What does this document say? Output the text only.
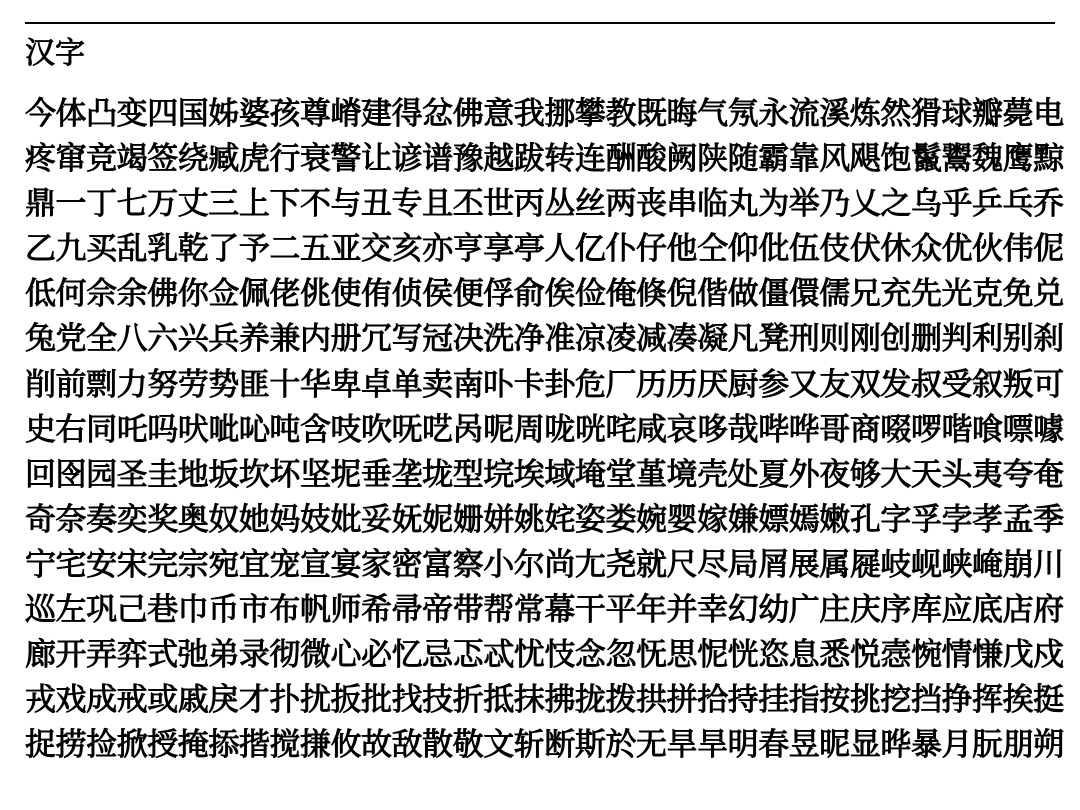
汉字
今体凸变四国姊婆孩尊嵴建得忿佛意我挪攀教既晦气氖永流溪炼然猾球瓣薨电
疼窜竞竭签绕臧虎行衰警让谚谱豫越跋转连酬酸阙陕随霸靠风飓饱鬣鬻魏鹰黥
鼎一丁七万丈三上下不与丑专且丕世丙丛丝两丧串临丸为举乃乂之乌乎乒乓乔
乙九买乱乳乾了予二五亚交亥亦亨享亭人亿仆仔他仝仰仳伍伎伏休众优伙伟伲
低何佘余佛你佥佩佬佻使侑侦侯便俘俞俟俭俺倏倪偕做僵儇儒兄充先光克免兑
兔党全八六兴兵养兼内册冗写冠决洗净准凉凌减凑凝凡凳刑则刚创删判利别刹
削前剽力努劳势匪十华卑卓单卖南卟卡卦危厂历历厌厨参又友双发叔受叙叛可
史右同吒吗吠呲吣吨含吱吹呒呓呙呢周咙咣咤咸哀哆哉哔哗哥商啜啰喈喰嘌噱
回囹园圣圭地坂坎坏坚坭垂垄垅型垸埃域埯堂堇境壳处夏外夜够大天头夷夸奄
奇奈奏奕奖奥奴她妈妓妣妥妩妮姗姘姚姹姿娄婉婴嫁嫌嫖嫣嫩孔字孚孛孝孟季
宁宅安宋完宗宛宜宠宣宴家密富察小尔尚尢尧就尺尽局屑展属屣岐岘峡崦崩川
巡左巩己巷巾币市布帆师希帚帝带帮常幕干平年并幸幻幼广庄庆序库应底店府
廊开弄弈式弛弟录彻微心必忆忌忑忒忧忮念忽怃思怩恍恣息悉悦悫惋情慊戊戍
戎戏成戒或戚戾才扑扰扳批找技折抵抹拂拢拨拱拼拾持挂指按挑挖挡挣挥挨挺
捉捞捡掀授掩掭揩搅搛攸故敌散敬文斩断斯於无旱旱明春昱昵显晔暴月朊朋朔
